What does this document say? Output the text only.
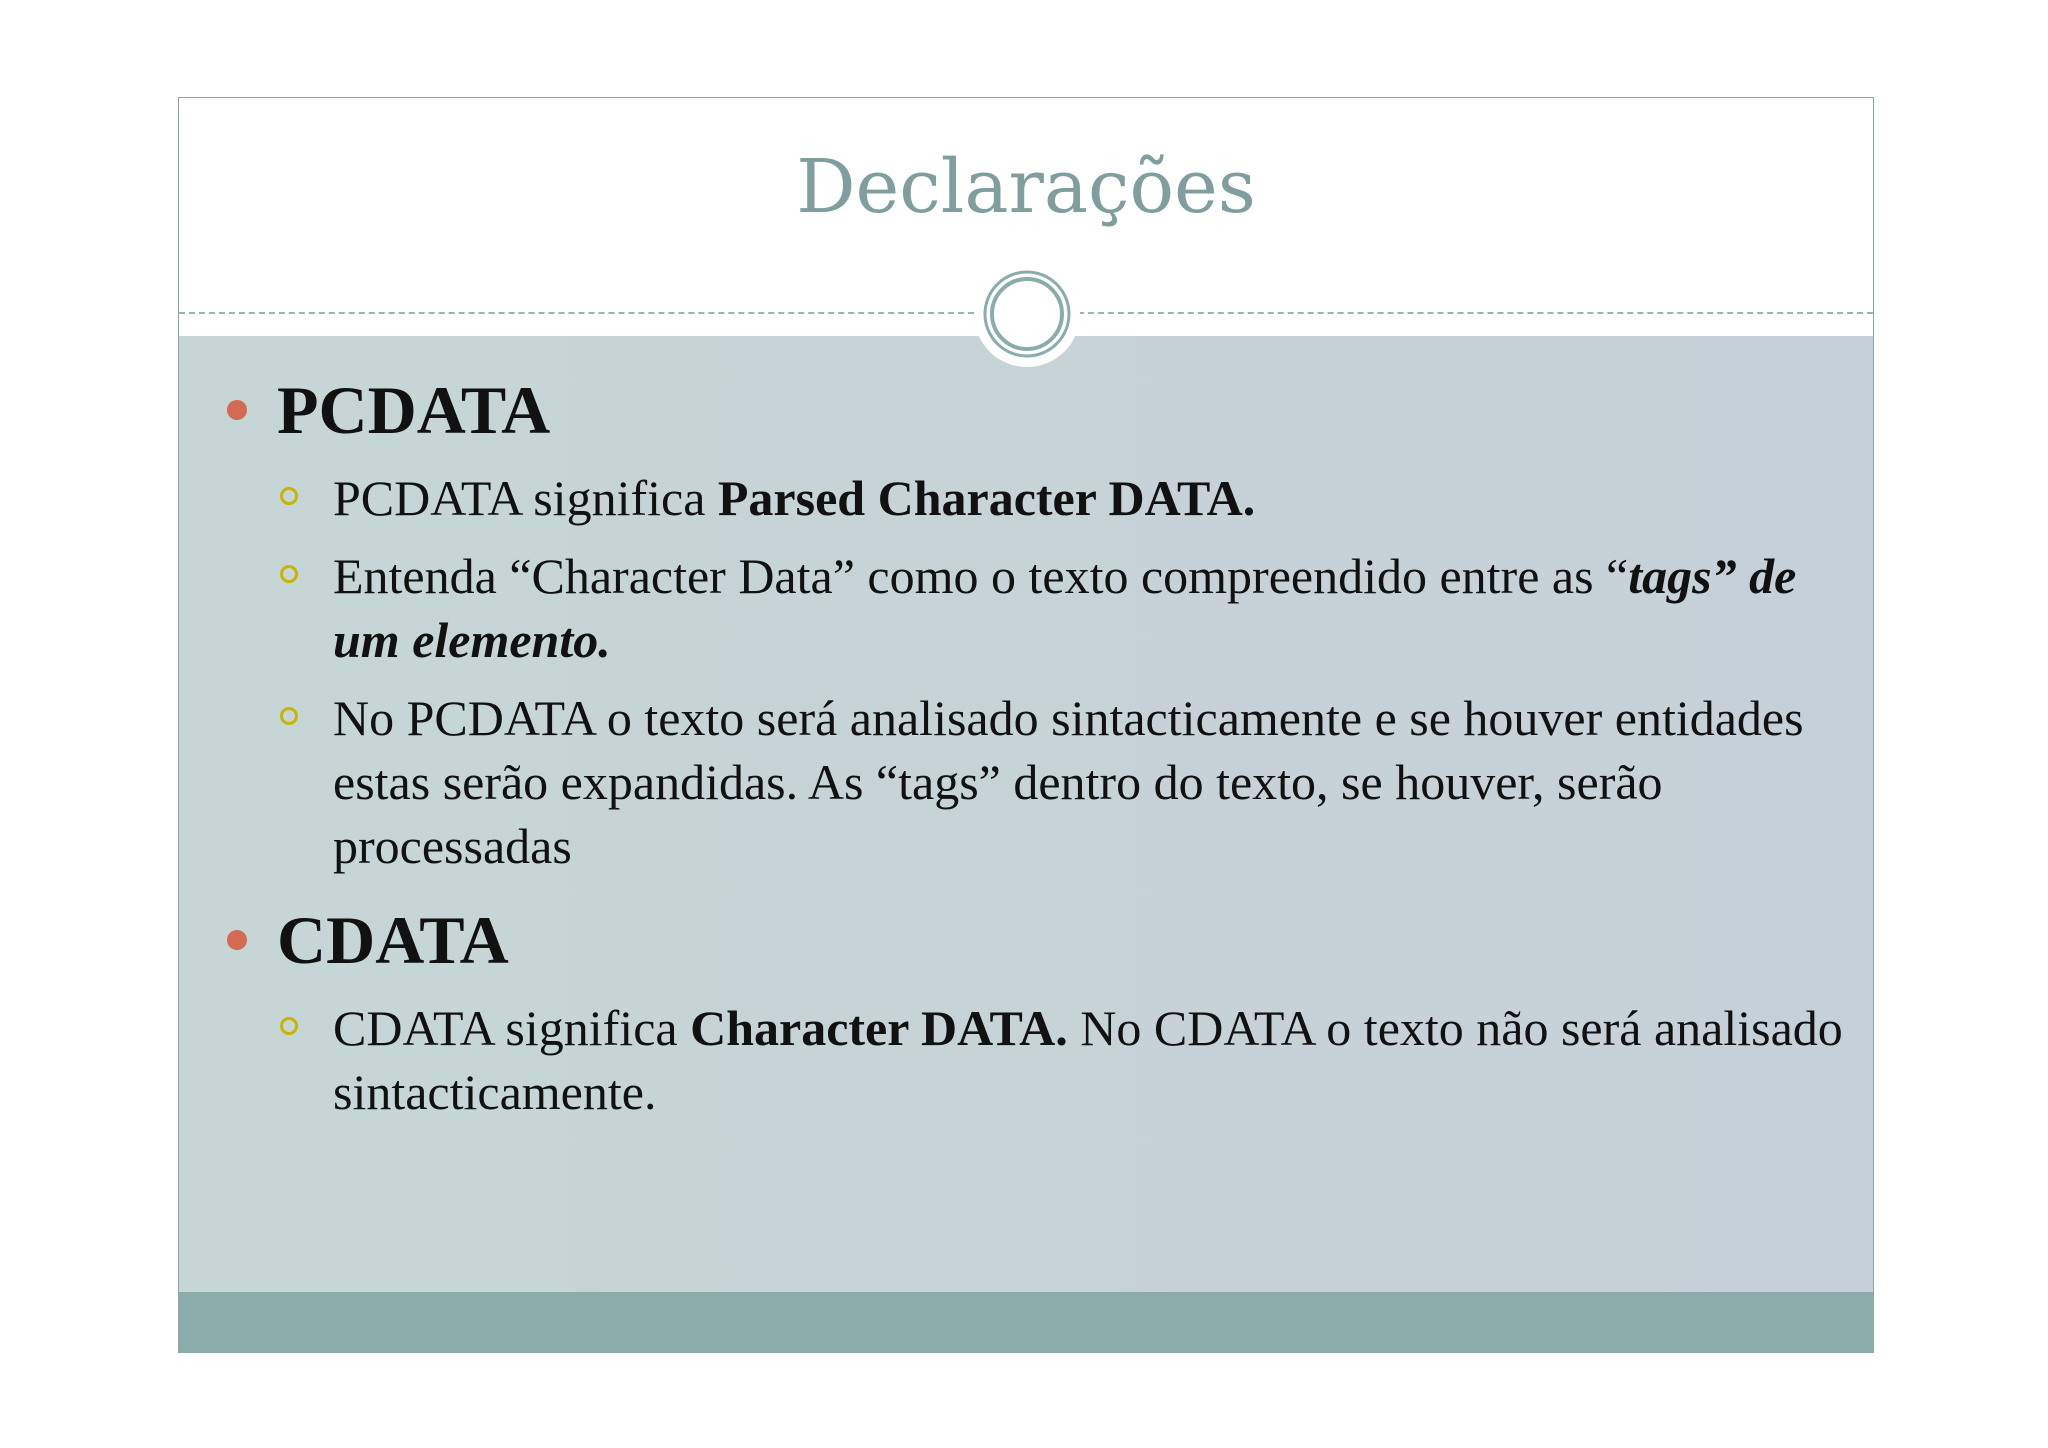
Declarações
PCDATA
PCDATA significa Parsed Character DATA.
Entenda “Character Data” como o texto compreendido entre as “tags” de um elemento.
No PCDATA o texto será analisado sintacticamente e se houver entidades estas serão expandidas. As “tags” dentro do texto, se houver, serão processadas
CDATA
CDATA significa Character DATA. No CDATA o texto não será analisado sintacticamente.
